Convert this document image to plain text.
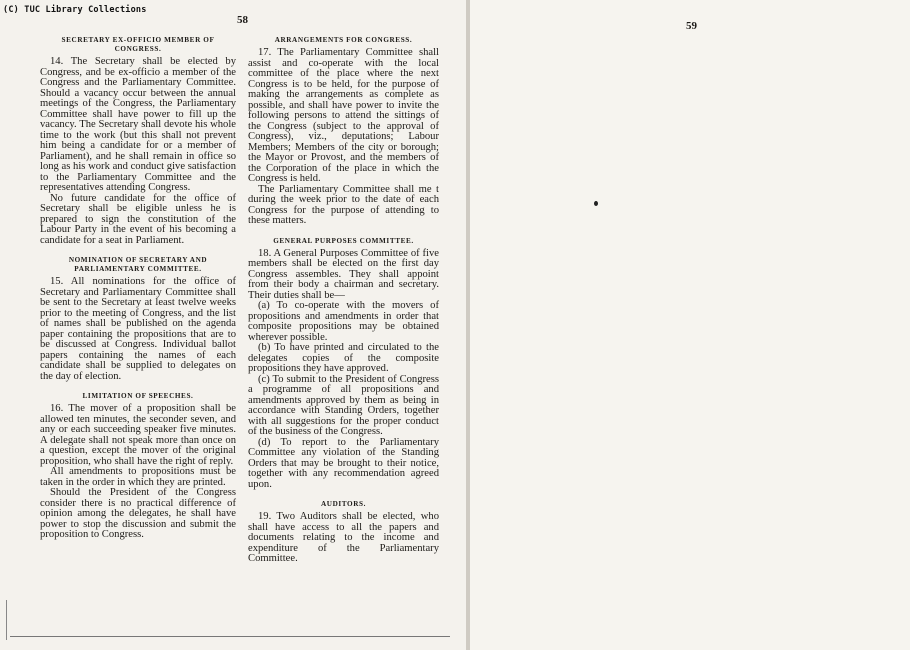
(C) TUC Library Collections
58	59
SECRETARY EX-OFFICIO MEMBER OF CONGRESS.

14. The Secretary shall be elected by Congress, and be ex-officio a member of the Congress and the Parliamentary Committee. Should a vacancy occur between the annual meetings of the Congress, the Parliamentary Committee shall have power to fill up the vacancy. The Secretary shall devote his whole time to the work (but this shall not prevent him being a candidate for or a member of Parliament), and he shall remain in office so long as his work and conduct give satisfaction to the Parliamentary Committee and the representatives attending Congress.

No future candidate for the office of Secretary shall be eligible unless he is prepared to sign the constitution of the Labour Party in the event of his becoming a candidate for a seat in Parliament.

NOMINATION OF SECRETARY AND PARLIAMENTARY COMMITTEE.

15. All nominations for the office of Secretary and Parliamentary Committee shall be sent to the Secretary at least twelve weeks prior to the meeting of Congress, and the list of names shall be published on the agenda paper containing the propositions that are to be discussed at Congress. Individual ballot papers containing the names of each candidate shall be supplied to delegates on the day of election.

LIMITATION OF SPEECHES.

16. The mover of a proposition shall be allowed ten minutes, the seconder seven, and any or each succeeding speaker five minutes. A delegate shall not speak more than once on a question, except the mover of the original proposition, who shall have the right of reply.

All amendments to propositions must be taken in the order in which they are printed.

Should the President of the Congress consider there is no practical difference of opinion among the delegates, he shall have power to stop the discussion and submit the proposition to Congress.

ARRANGEMENTS FOR CONGRESS.

17. The Parliamentary Committee shall assist and co-operate with the local committee of the place where the next Congress is to be held, for the purpose of making the arrangements as complete as possible, and shall have power to invite the following persons to attend the sittings of the Congress (subject to the approval of Congress), viz., deputations; Labour Members; Members of the city or borough; the Mayor or Provost, and the members of the Corporation of the place in which the Congress is held.

The Parliamentary Committee shall me t during the week prior to the date of each Congress for the purpose of attending to these matters.

GENERAL PURPOSES COMMITTEE.

18. A General Purposes Committee of five members shall be elected on the first day Congress assembles. They shall appoint from their body a chairman and secretary. Their duties shall be—

(a) To co-operate with the movers of propositions and amendments in order that composite propositions may be obtained wherever possible.

(b) To have printed and circulated to the delegates copies of the composite propositions they have approved.

(c) To submit to the President of Congress a programme of all propositions and amendments approved by them as being in accordance with Standing Orders, together with all suggestions for the proper conduct of the business of the Congress.

(d) To report to the Parliamentary Committee any violation of the Standing Orders that may be brought to their notice, together with any recommendation agreed upon.

AUDITORS.

19. Two Auditors shall be elected, who shall have access to all the papers and documents relating to the income and expenditure of the Parliamentary Committee.
